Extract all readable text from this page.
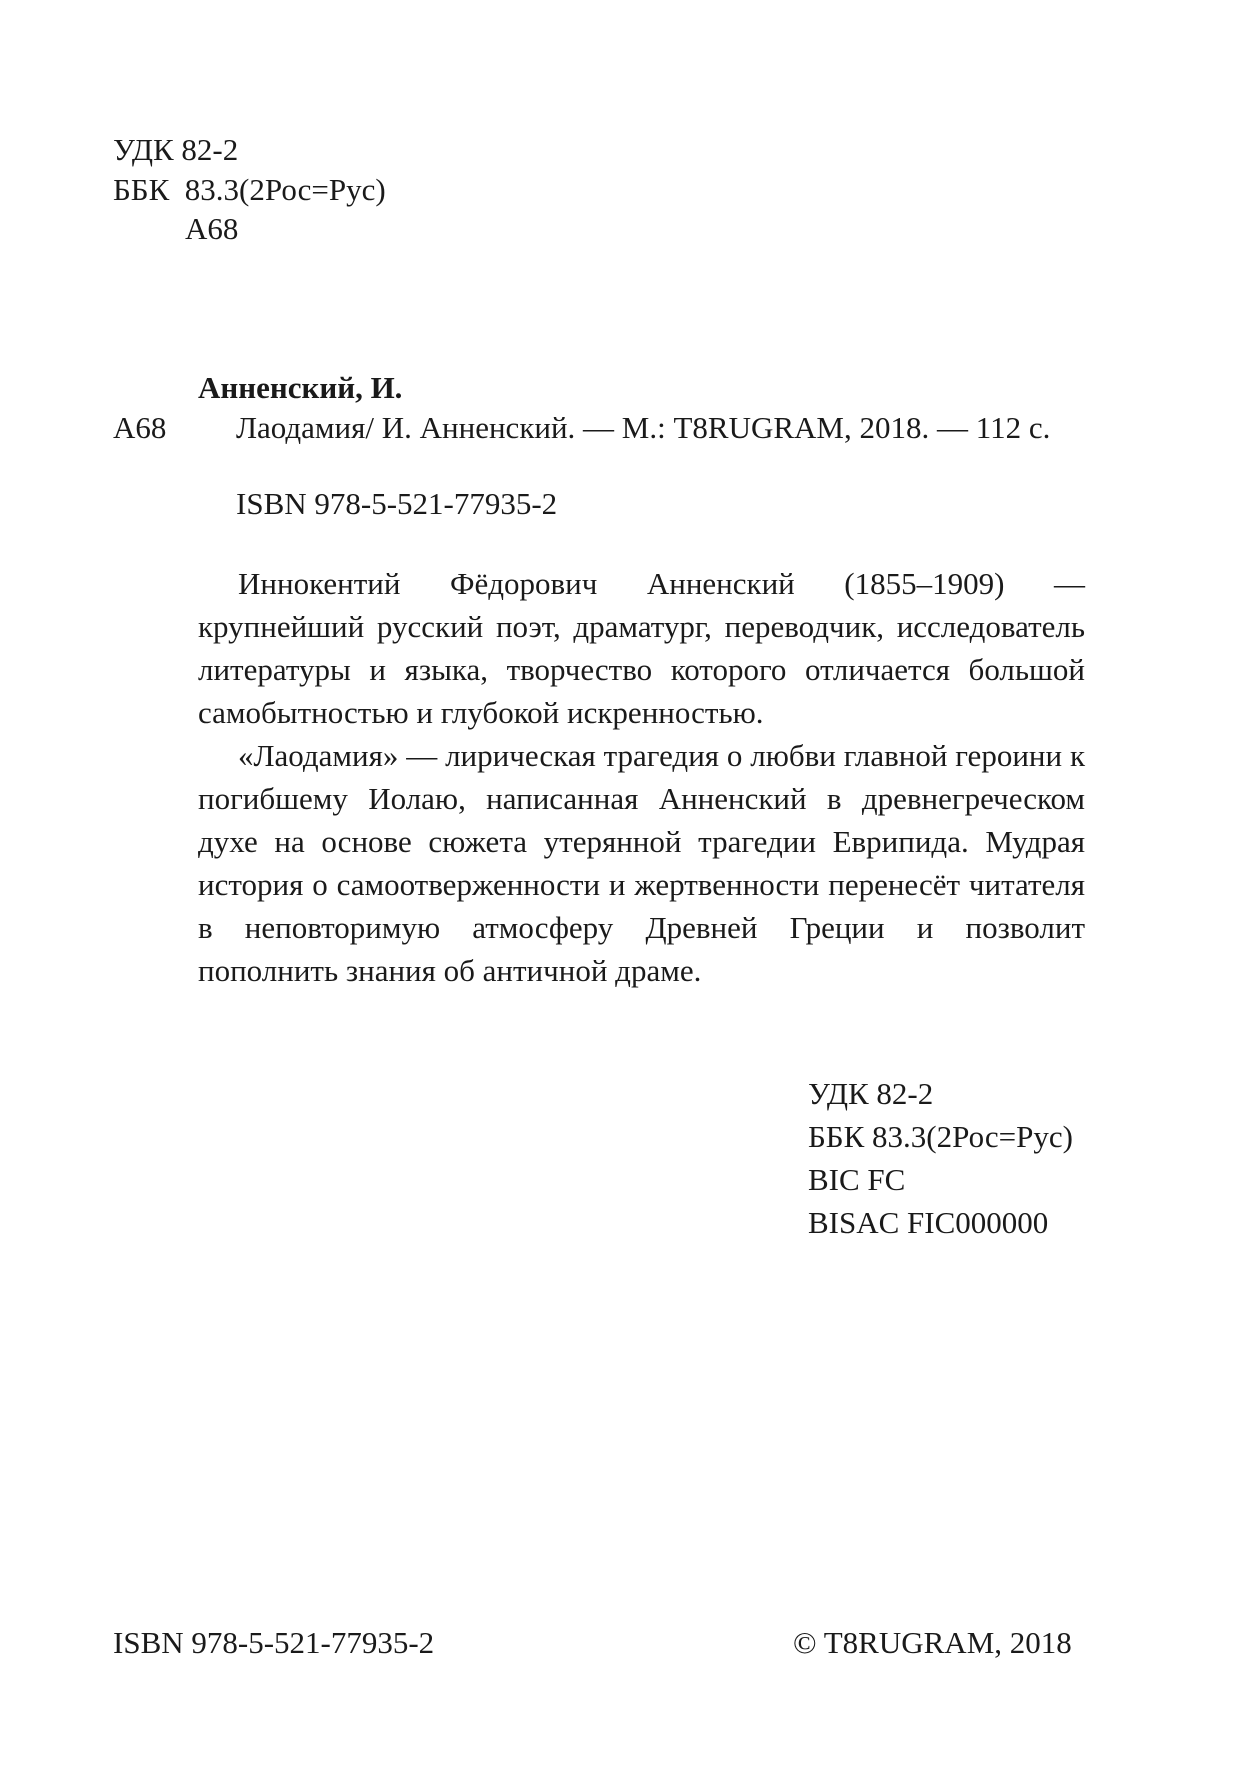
УДК 82-2
ББК  83.3(2Рос=Рус)
А68
Анненский, И.
А68 Лаодамия/ И. Анненский. — М.: T8RUGRAM, 2018. — 112 с.
ISBN 978-5-521-77935-2

Иннокентий Фёдорович Анненский (1855–1909) — крупнейший русский поэт, драматург, переводчик, исследователь литературы и языка, творчество которого отличается большой самобытностью и глубокой искренностью.

«Лаодамия» — лирическая трагедия о любви главной героини к погибшему Иолаю, написанная Анненский в древнегреческом духе на основе сюжета утерянной трагедии Еврипида. Мудрая история о самоотверженности и жертвенности перенесёт читателя в неповторимую атмосферу Древней Греции и позволит пополнить знания об античной драме.

УДК 82-2
ББК 83.3(2Рос=Рус)
BIC FC
BISAC FIC000000
ISBN 978-5-521-77935-2	© T8RUGRAM, 2018
